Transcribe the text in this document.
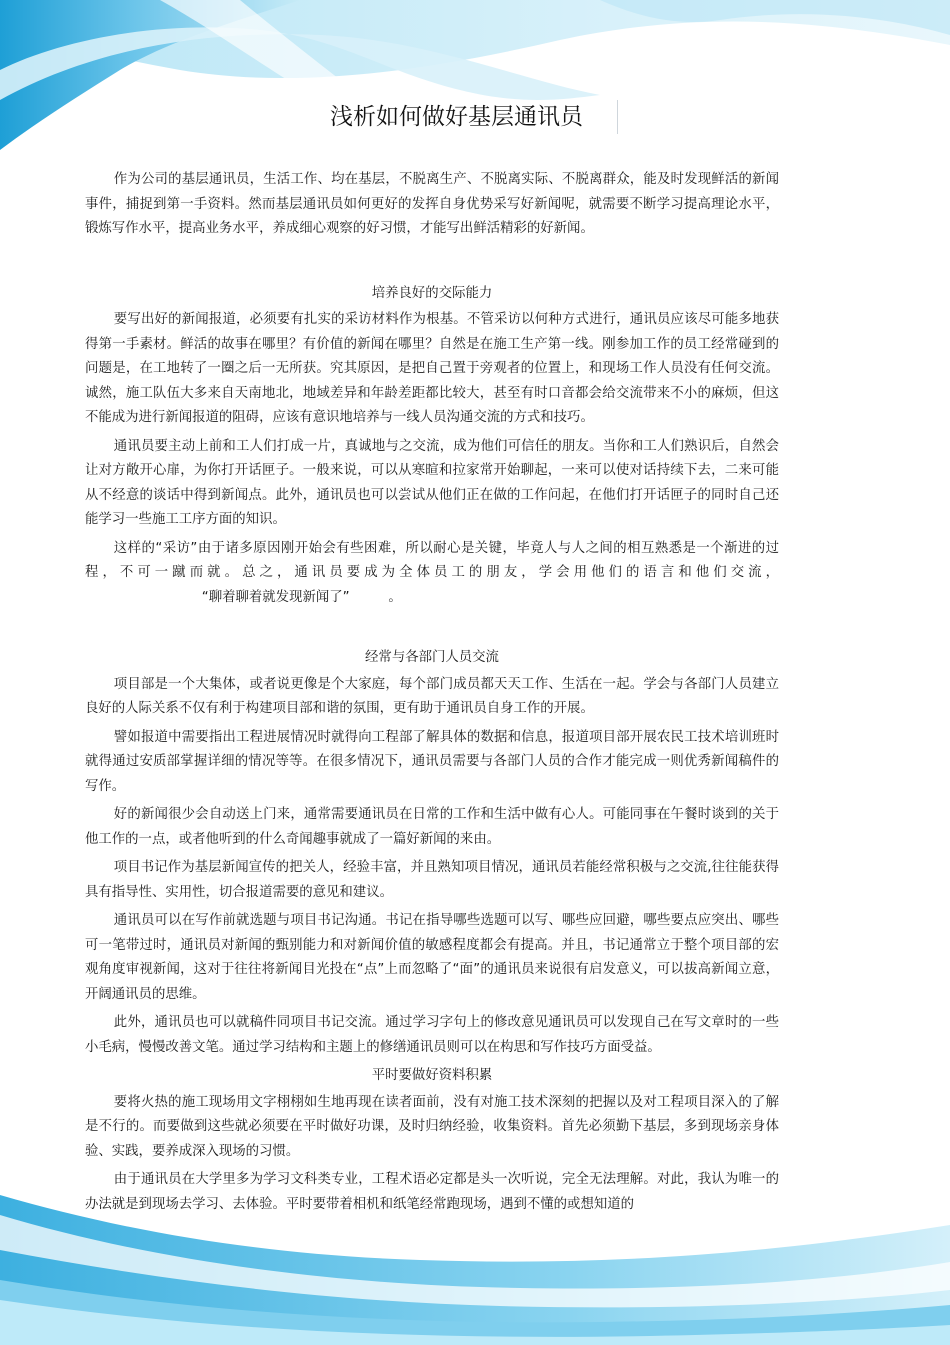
浅析如何做好基层通讯员

作为公司的基层通讯员，生活工作、均在基层，不脱离生产、不脱离实际、不脱离群众，能及时发现鲜活的新闻事件，捕捉到第一手资料。然而基层通讯员如何更好的发挥自身优势采写好新闻呢，就需要不断学习提高理论水平，锻炼写作水平，提高业务水平，养成细心观察的好习惯，才能写出鲜活精彩的好新闻。

培养良好的交际能力

要写出好的新闻报道，必须要有扎实的采访材料作为根基。不管采访以何种方式进行，通讯员应该尽可能多地获得第一手素材。鲜活的故事在哪里？有价值的新闻在哪里？自然是在施工生产第一线。刚参加工作的员工经常碰到的问题是，在工地转了一圈之后一无所获。究其原因，是把自己置于旁观者的位置上，和现场工作人员没有任何交流。诚然，施工队伍大多来自天南地北，地域差异和年龄差距都比较大，甚至有时口音都会给交流带来不小的麻烦，但这不能成为进行新闻报道的阻碍，应该有意识地培养与一线人员沟通交流的方式和技巧。

通讯员要主动上前和工人们打成一片，真诚地与之交流，成为他们可信任的朋友。当你和工人们熟识后，自然会让对方敞开心扉，为你打开话匣子。一般来说，可以从寒暄和拉家常开始聊起，一来可以使对话持续下去，二来可能从不经意的谈话中得到新闻点。此外，通讯员也可以尝试从他们正在做的工作问起，在他们打开话匣子的同时自己还能学习一些施工工序方面的知识。

这样的“采访”由于诸多原因刚开始会有些困难，所以耐心是关键，毕竟人与人之间的相互熟悉是一个渐进的过程，不可一蹴而就。总之，通讯员要成为全体员工的朋友，学会用他们的语言和他们交流，“聊着聊着就发现新闻了”	。

经常与各部门人员交流

项目部是一个大集体，或者说更像是个大家庭，每个部门成员都天天工作、生活在一起。学会与各部门人员建立良好的人际关系不仅有利于构建项目部和谐的氛围，更有助于通讯员自身工作的开展。

譬如报道中需要指出工程进展情况时就得向工程部了解具体的数据和信息，报道项目部开展农民工技术培训班时就得通过安质部掌握详细的情况等等。在很多情况下，通讯员需要与各部门人员的合作才能完成一则优秀新闻稿件的写作。

好的新闻很少会自动送上门来，通常需要通讯员在日常的工作和生活中做有心人。可能同事在午餐时谈到的关于他工作的一点，或者他听到的什么奇闻趣事就成了一篇好新闻的来由。

项目书记作为基层新闻宣传的把关人，经验丰富，并且熟知项目情况，通讯员若能经常积极与之交流,往往能获得具有指导性、实用性，切合报道需要的意见和建议。

通讯员可以在写作前就选题与项目书记沟通。书记在指导哪些选题可以写、哪些应回避，哪些要点应突出、哪些可一笔带过时，通讯员对新闻的甄别能力和对新闻价值的敏感程度都会有提高。并且，书记通常立于整个项目部的宏观角度审视新闻，这对于往往将新闻目光投在“点”上而忽略了“面”的通讯员来说很有启发意义，可以拔高新闻立意，开阔通讯员的思维。

此外，通讯员也可以就稿件同项目书记交流。通过学习字句上的修改意见通讯员可以发现自己在写文章时的一些小毛病，慢慢改善文笔。通过学习结构和主题上的修缮通讯员则可以在构思和写作技巧方面受益。

平时要做好资料积累

要将火热的施工现场用文字栩栩如生地再现在读者面前，没有对施工技术深刻的把握以及对工程项目深入的了解是不行的。而要做到这些就必须要在平时做好功课，及时归纳经验，收集资料。首先必须勤下基层，多到现场亲身体验、实践，要养成深入现场的习惯。

由于通讯员在大学里多为学习文科类专业，工程术语必定都是头一次听说，完全无法理解。对此，我认为唯一的办法就是到现场去学习、去体验。平时要带着相机和纸笔经常跑现场，遇到不懂的或想知道的
